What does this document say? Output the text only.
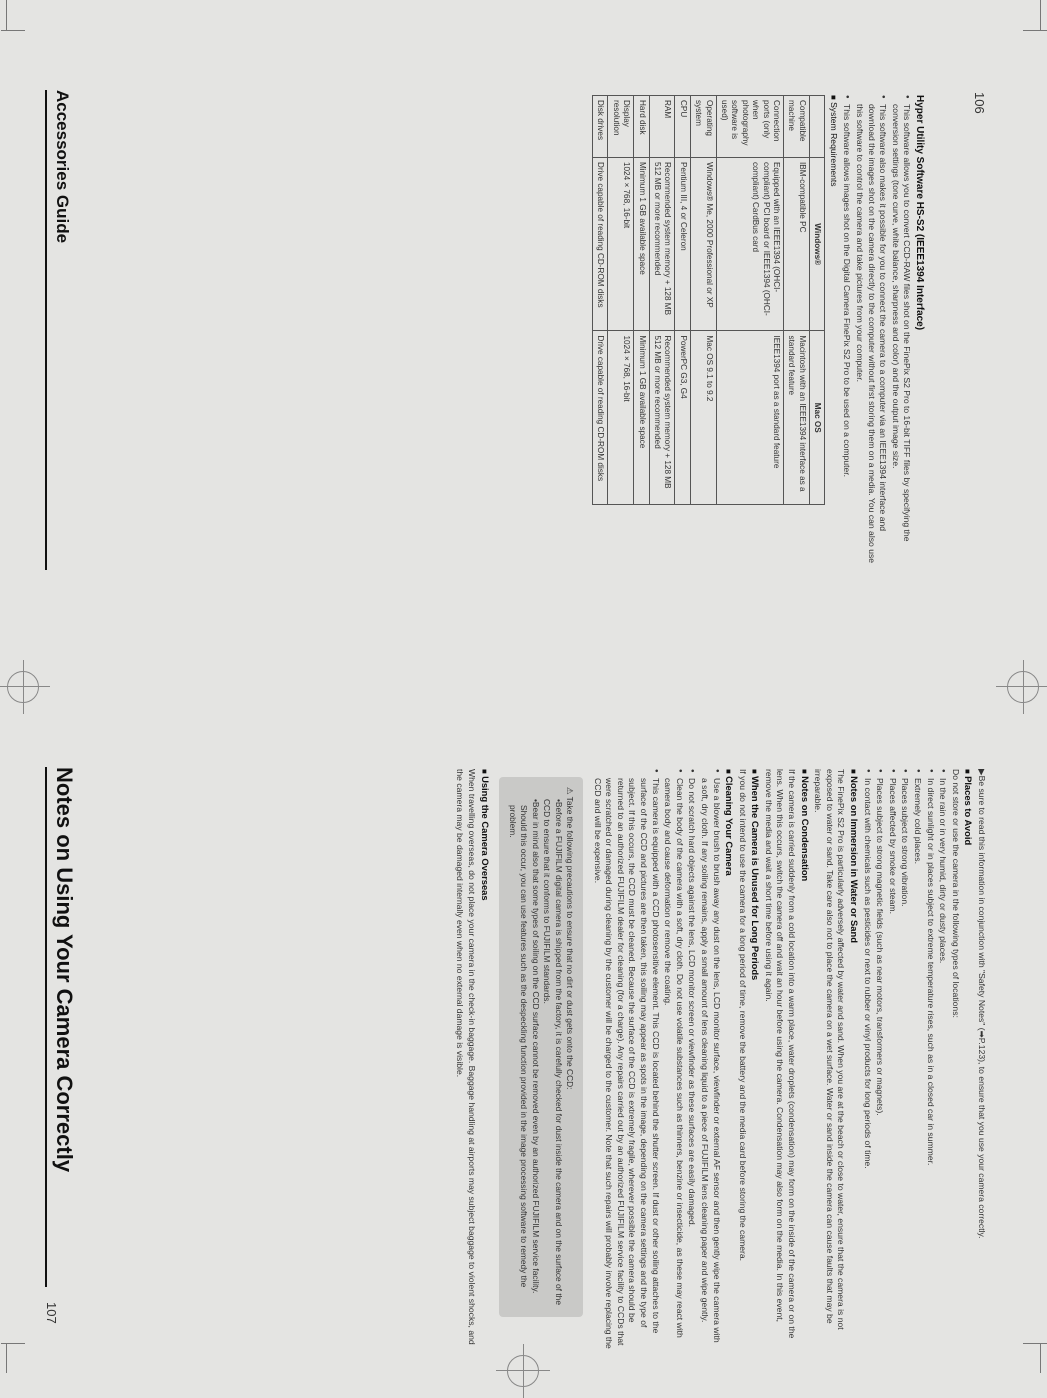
Accessories Guide	Hyper Utility Software HS-S2 (IEEE1394 Interface)

● This software allows you to convert CCD-RAW files shot on the FinePix S2 Pro to 16-bit TIFF files by specifying the conversion settings (tone curve, white balance, sharpness and color) and the output image size.

● This software also makes it possible for you to connect the camera to a computer via an IEEE1394 interface and download the images shot on the camera directly to the computer without first storing them on a media. You can also use this software to control the camera and take pictures from your computer.

● This software allows images shot on the Digital Camera FinePix S2 Pro to be used on a computer.

■ System Requirements

	Windows®	Mac OS
Compatible machine	IBM-compatible PC	Macintosh with an IEEE1394 interface as a standard feature
Connection ports (only when photography software is used)	Equipped with an IEEE1394 (OHCI-compliant) PCI board or IEEE1394 (OHCI-compliant) CardBus card	IEEE1394 port as a standard feature
Operating system	Windows® Me, 2000 Professional or XP	Mac OS 9.1 to 9.2
CPU	Pentium III, 4 or Celeron	PowerPC G3, G4
RAM	Recommended system memory + 128 MB 512 MB or more recommended	Recommended system memory + 128 MB 512 MB or more recommended
Hard disk	Minimum 1 GB available space	Minimum 1 GB available space
Display resolution	1024 × 768, 16-bit	1024 × 768, 16-bit
Disk drives	Drive capable of reading CD-ROM disks	Drive capable of reading CD-ROM disks
106
Notes on Using Your Camera Correctly	▶Be sure to read this information in conjunction with "Safety Notes" (➡P.123), to ensure that you use your camera correctly.

■ Places to Avoid

Do not store or use the camera in the following types of locations:

● In the rain or in very humid, dirty or dusty places.

● In direct sunlight or in places subject to extreme temperature rises, such as in a closed car in summer.

● Extremely cold places.

● Places subject to strong vibration.

● Places affected by smoke or steam.

● Places subject to strong magnetic fields (such as near motors, transformers or magnets).

● In contact with chemicals such as pesticides or next to rubber or vinyl products for long periods of time.

■ Notes on Immersion in Water or Sand

The FinePix S2 Pro is particularly adversely affected by water and sand. When you are at the beach or close to water, ensure that the camera is not exposed to water or sand. Take care also not to place the camera on a wet surface. Water or sand inside the camera can cause faults that may be irreparable.

■ Notes on Condensation

If the camera is carried suddenly from a cold location into a warm place, water droplets (condensation) may form on the inside of the camera or on the lens. When this occurs, switch the camera off and wait an hour before using the camera. Condensation may also form on the media. In this event, remove the media and wait a short time before using it again.

■ When the Camera is Unused for Long Periods

If you do not intend to use the camera for a long period of time, remove the battery and the media card before storing the camera.

■ Cleaning Your Camera

● Use a blower brush to brush away any dust on the lens, LCD monitor surface, viewfinder or external AF sensor and then gently wipe the camera with a soft, dry cloth. If any soiling remains, apply a small amount of lens cleaning liquid to a piece of FUJIFILM lens cleaning paper and wipe gently.

● Do not scratch hard objects against the lens, LCD monitor screen or viewfinder as these surfaces are easily damaged.

● Clean the body of the camera with a soft, dry cloth. Do not use volatile substances such as thinners, benzine or insecticide, as these may react with camera body and cause deformation or remove the coating.

● This camera is equipped with a CCD photosensitive element. This CCD is located behind the shutter screen. If dust or other soiling attaches to the surface of the CCD and pictures are then taken, this soiling may appear as spots in the image, depending on the camera settings and the type of subject. If this occurs, the CCD must be cleaned. Because the surface of the CCD is extremely fragile, wherever possible the camera should be returned to an authorized FUJIFILM dealer for cleaning (for a charge). Any repairs carried out by an authorized FUJIFILM service facility to CCDs that were scratched or damaged during cleaning by the customer will be charged to the customer. Note that such repairs will probably involve replacing the CCD and will be expensive.

⚠ Take the following precautions to ensure that no dirt or dust gets onto the CCD:

•Before a FUJIFILM digital camera is shipped from the factory, it is carefully checked for dust inside the camera and on the surface of the CCD to ensure that it conforms to FUJIFILM standards.

•Bear in mind also that some types of soiling on the CCD surface cannot be removed even by an authorized FUJIFILM service facility.

Should this occur, you can use features such as the despeckling function provided in the image processing software to remedy the problem.

■ Using the Camera Overseas

When travelling overseas, do not place your camera in the check-in baggage. Baggage handling at airports may subject baggage to violent shocks, and the camera may be damaged internally even when no external damage is visible.

107
